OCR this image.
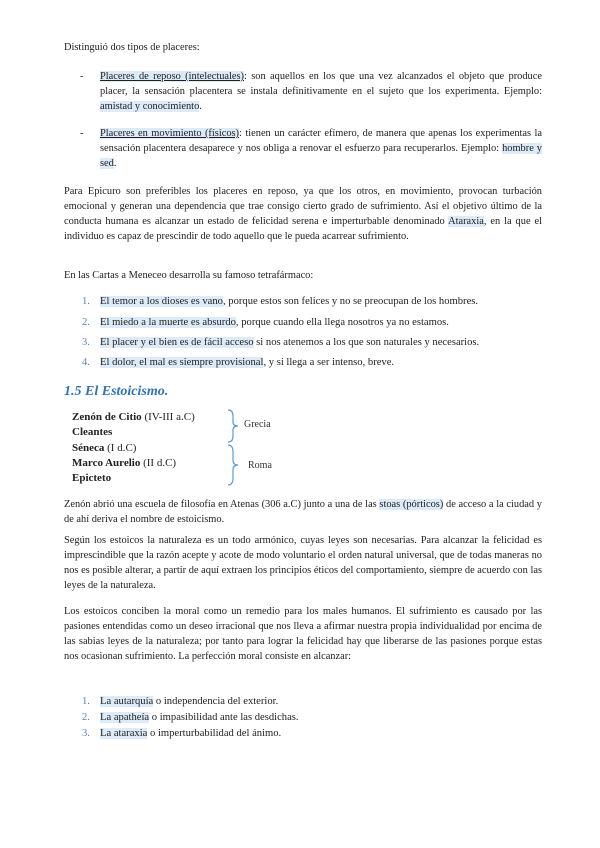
Distinguió dos tipos de placeres:

- Placeres de reposo (intelectuales): son aquellos en los que una vez alcanzados el objeto que produce placer, la sensación placentera se instala definitivamente en el sujeto que los experimenta. Ejemplo: amistad y conocimiento.

- Placeres en movimiento (físicos): tienen un carácter efímero, de manera que apenas los experimentas la sensación placentera desaparece y nos obliga a renovar el esfuerzo para recuperarlos. Ejemplo: hombre y sed.

Para Epicuro son preferibles los placeres en reposo, ya que los otros, en movimiento, provocan turbación emocional y generan una dependencia que trae consigo cierto grado de sufrimiento. Así el objetivo último de la conducta humana es alcanzar un estado de felicidad serena e imperturbable denominado Ataraxia, en la que el individuo es capaz de prescindir de todo aquello que le pueda acarrear sufrimiento.

En las Cartas a Meneceo desarrolla su famoso tetrafármaco:

1. El temor a los dioses es vano, porque estos son felices y no se preocupan de los hombres.

2. El miedo a la muerte es absurdo, porque cuando ella llega nosotros ya no estamos.

3. El placer y el bien es de fácil acceso si nos atenemos a los que son naturales y necesarios.

4. El dolor, el mal es siempre provisional, y si llega a ser intenso, breve.

1.5 El Estoicismo.
Zenón de Citio (IV-III a.C)
Cleantes
Séneca (I d.C)
Marco Aurelio (II d.C)
Epicteto
Grecia
Roma

Zenón abrió una escuela de filosofía en Atenas (306 a.C) junto a una de las stoas (pórticos) de acceso a la ciudad y de ahí deriva el nombre de estoicismo.

Según los estoicos la naturaleza es un todo armónico, cuyas leyes son necesarias. Para alcanzar la felicidad es imprescindible que la razón acepte y acote de modo voluntario el orden natural universal, que de todas maneras no nos es posible alterar, a partir de aquí extraen los principios éticos del comportamiento, siempre de acuerdo con las leyes de la naturaleza.

Los estoicos conciben la moral como un remedio para los males humanos. El sufrimiento es causado por las pasiones entendidas como un deseo irracional que nos lleva a afirmar nuestra propia individualidad por encima de las sabias leyes de la naturaleza; por tanto para lograr la felicidad hay que liberarse de las pasiones porque estas nos ocasionan sufrimiento. La perfección moral consiste en alcanzar:

1. La autarquía o independencia del exterior.

2. La apatheía o impasibilidad ante las desdichas.

3. La ataraxia o imperturbabilidad del ánimo.
